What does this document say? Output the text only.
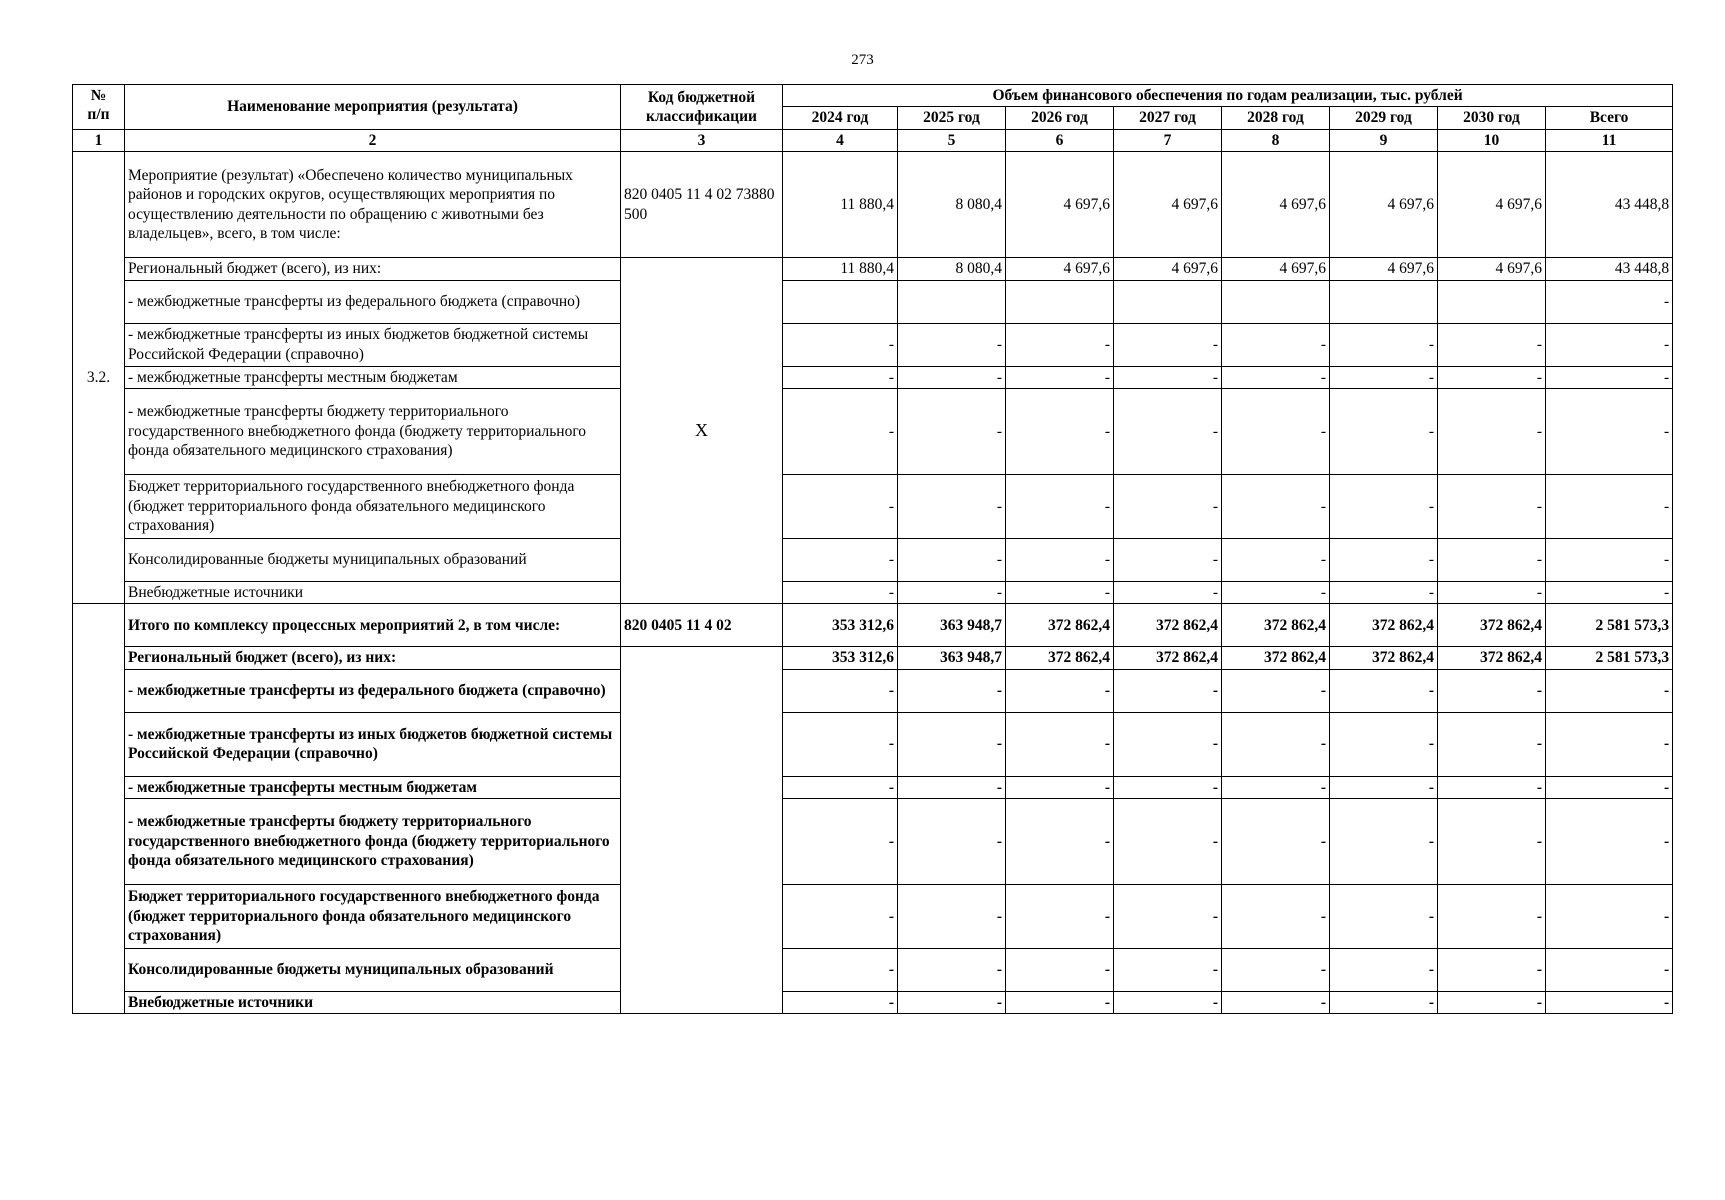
273
№
п/п	Наименование мероприятия (результата)	Код бюджетной классификации	Объем финансового обеспечения по годам реализации, тыс. рублей							
			2024 год	2025 год	2026 год	2027 год	2028 год	2029 год	2030 год	Всего
1	2	3	4	5	6	7	8	9	10	11
3.2.	Мероприятие (результат) «Обеспечено количество муниципальных районов и городских округов, осуществляющих мероприятия по осуществлению деятельности по обращению с животными без владельцев», всего, в том числе:	820 0405 11 4 02 73880 500	11 880,4	8 080,4	4 697,6	4 697,6	4 697,6	4 697,6	4 697,6	43 448,8
	Региональный бюджет (всего), из них:	X	11 880,4	8 080,4	4 697,6	4 697,6	4 697,6	4 697,6	4 697,6	43 448,8
	- межбюджетные трансферты из федерального бюджета (справочно)									-
	- межбюджетные трансферты из иных бюджетов бюджетной системы Российской Федерации (справочно)		-	-	-	-	-	-	-	-
	- межбюджетные трансферты местным бюджетам		-	-	-	-	-	-	-	-
	- межбюджетные трансферты бюджету территориального государственного внебюджетного фонда (бюджету территориального фонда обязательного медицинского страхования)		-	-	-	-	-	-	-	-
	Бюджет территориального государственного внебюджетного фонда (бюджет территориального фонда обязательного медицинского страхования)		-	-	-	-	-	-	-	-
	Консолидированные бюджеты муниципальных образований		-	-	-	-	-	-	-	-
	Внебюджетные источники		-	-	-	-	-	-	-	-
	Итого по комплексу процессных мероприятий 2, в том числе:	820 0405 11 4 02	353 312,6	363 948,7	372 862,4	372 862,4	372 862,4	372 862,4	372 862,4	2 581 573,3
	Региональный бюджет (всего), из них:		353 312,6	363 948,7	372 862,4	372 862,4	372 862,4	372 862,4	372 862,4	2 581 573,3
	- межбюджетные трансферты из федерального бюджета (справочно)		-	-	-	-	-	-	-	-
	- межбюджетные трансферты из иных бюджетов бюджетной системы Российской Федерации (справочно)		-	-	-	-	-	-	-	-
	- межбюджетные трансферты местным бюджетам		-	-	-	-	-	-	-	-
	- межбюджетные трансферты бюджету территориального государственного внебюджетного фонда (бюджету территориального фонда обязательного медицинского страхования)		-	-	-	-	-	-	-	-
	Бюджет территориального государственного внебюджетного фонда (бюджет территориального фонда обязательного медицинского страхования)		-	-	-	-	-	-	-	-
	Консолидированные бюджеты муниципальных образований		-	-	-	-	-	-	-	-
	Внебюджетные источники		-	-	-	-	-	-	-	-
